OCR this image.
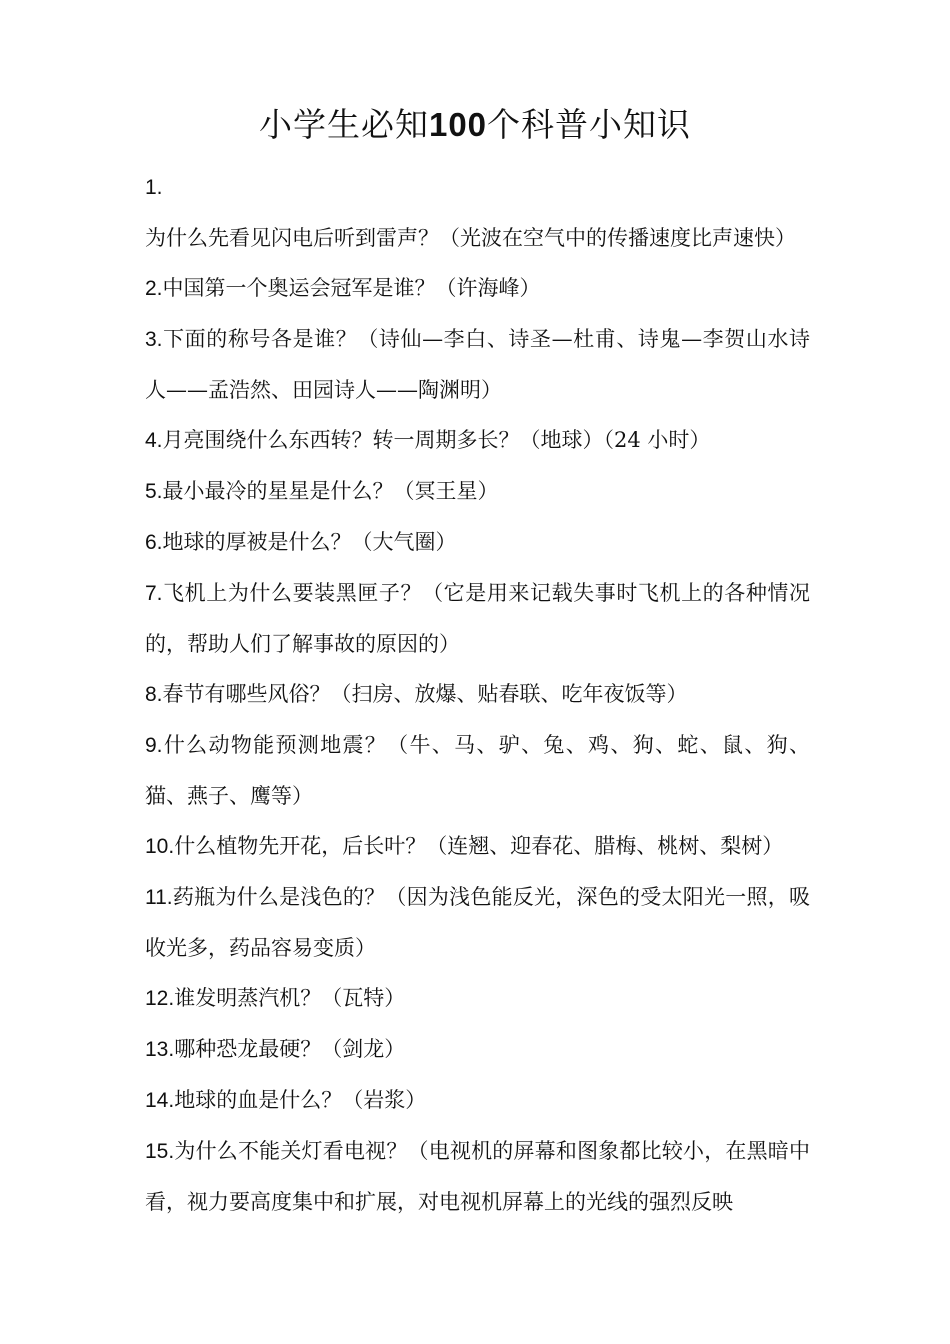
小学生必知100个科普小知识

1.为什么先看见闪电后听到雷声？（光波在空气中的传播速度比声速快）

2.中国第一个奥运会冠军是谁？（许海峰）

3.下面的称号各是谁？（诗仙—李白、诗圣—杜甫、诗鬼—李贺山水诗人——孟浩然、田园诗人——陶渊明）

4.月亮围绕什么东西转？转一周期多长？（地球）（24 小时）

5.最小最冷的星星是什么？（冥王星）

6.地球的厚被是什么？（大气圈）

7.飞机上为什么要装黑匣子？（它是用来记载失事时飞机上的各种情况的，帮助人们了解事故的原因的）

8.春节有哪些风俗？（扫房、放爆、贴春联、吃年夜饭等）

9.什么动物能预测地震？（牛、马、驴、兔、鸡、狗、蛇、鼠、狗、猫、燕子、鹰等）

10.什么植物先开花，后长叶？（连翘、迎春花、腊梅、桃树、梨树）

11.药瓶为什么是浅色的？（因为浅色能反光，深色的受太阳光一照，吸收光多，药品容易变质）

12.谁发明蒸汽机？（瓦特）

13.哪种恐龙最硬？（剑龙）

14.地球的血是什么？（岩浆）

15.为什么不能关灯看电视？（电视机的屏幕和图象都比较小，在黑暗中看，视力要高度集中和扩展，对电视机屏幕上的光线的强烈反映
